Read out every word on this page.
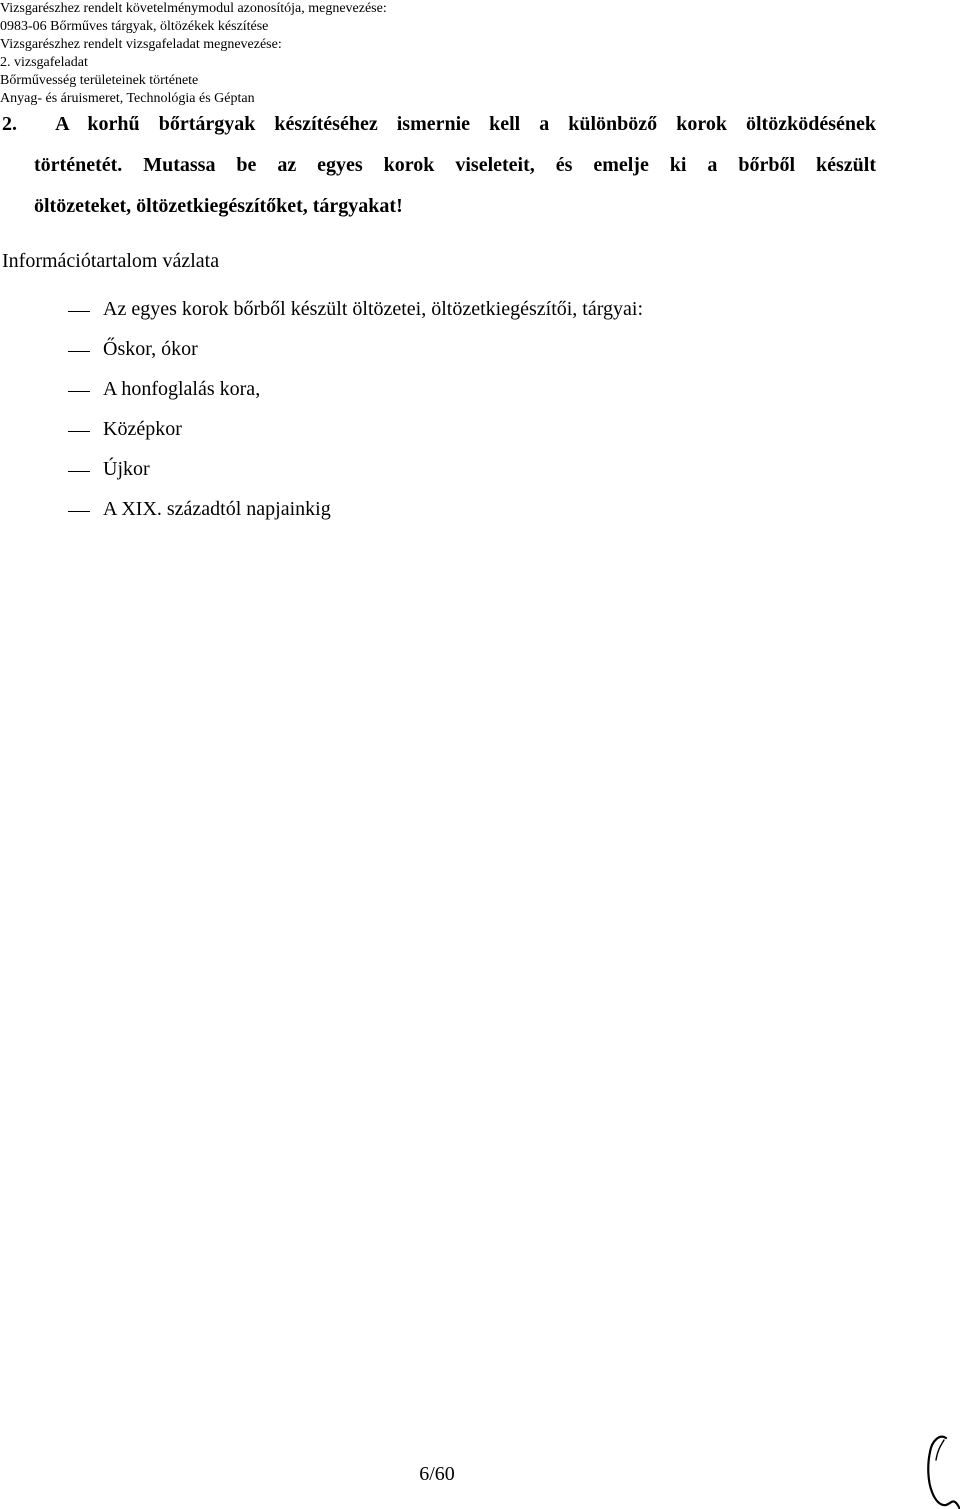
Vizsgarészhez rendelt követelménymodul azonosítója, megnevezése:
0983-06 Bőrműves tárgyak, öltözékek készítése
Vizsgarészhez rendelt vizsgafeladat megnevezése:
2. vizsgafeladat
Bőrművesség területeinek története
Anyag- és áruismeret, Technológia és Géptan
2. A korhű bőrtárgyak készítéséhez ismernie kell a különböző korok öltözködésének
történetét. Mutassa be az egyes korok viseleteit, és emelje ki a bőrből készült
öltözeteket, öltözetkiegészítőket, tárgyakat!
Információtartalom vázlata
Az egyes korok bőrből készült öltözetei, öltözetkiegészítői, tárgyai:
Őskor, ókor
A honfoglalás kora,
Középkor
Újkor
A XIX. századtól napjainkig
6/60
